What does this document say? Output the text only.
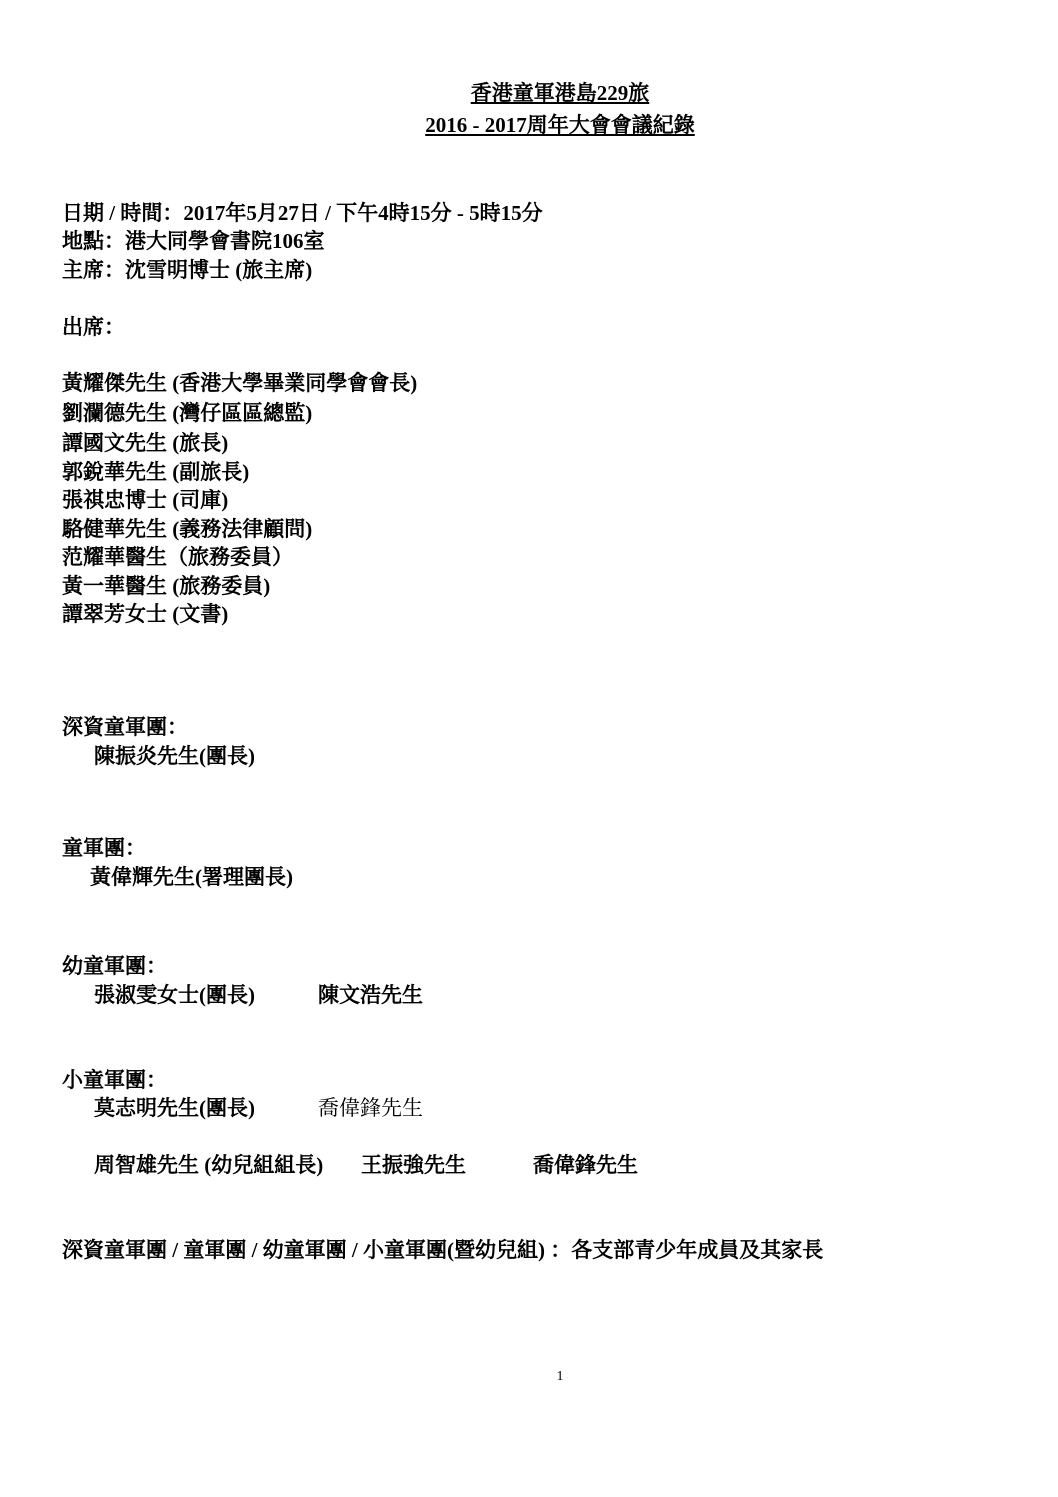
香港童軍港島229旅
2016 - 2017周年大會會議紀錄
日期 / 時間：2017年5月27日 / 下午4時15分 - 5時15分
地點：港大同學會書院106室
主席：沈雪明博士 (旅主席)
出席：
黃耀傑先生 (香港大學畢業同學會會長)
劉瀾德先生 (灣仔區區總監)
譚國文先生 (旅長)
郭銳華先生 (副旅長)
張祺忠博士 (司庫)
駱健華先生 (義務法律顧問)
范耀華醫生（旅務委員）
黃一華醫生 (旅務委員)
譚翠芳女士 (文書)
深資童軍團：
陳振炎先生(團長)
童軍團：
黃偉輝先生(署理團長)
幼童軍團：
張淑雯女士(團長)	陳文浩先生
小童軍團：
莫志明先生(團長)	喬偉鋒先生
周智雄先生 (幼兒組組長) 王振強先生	喬偉鋒先生
深資童軍團 / 童軍團 / 幼童軍團 / 小童軍團(暨幼兒組) ：各支部青少年成員及其家長
1
